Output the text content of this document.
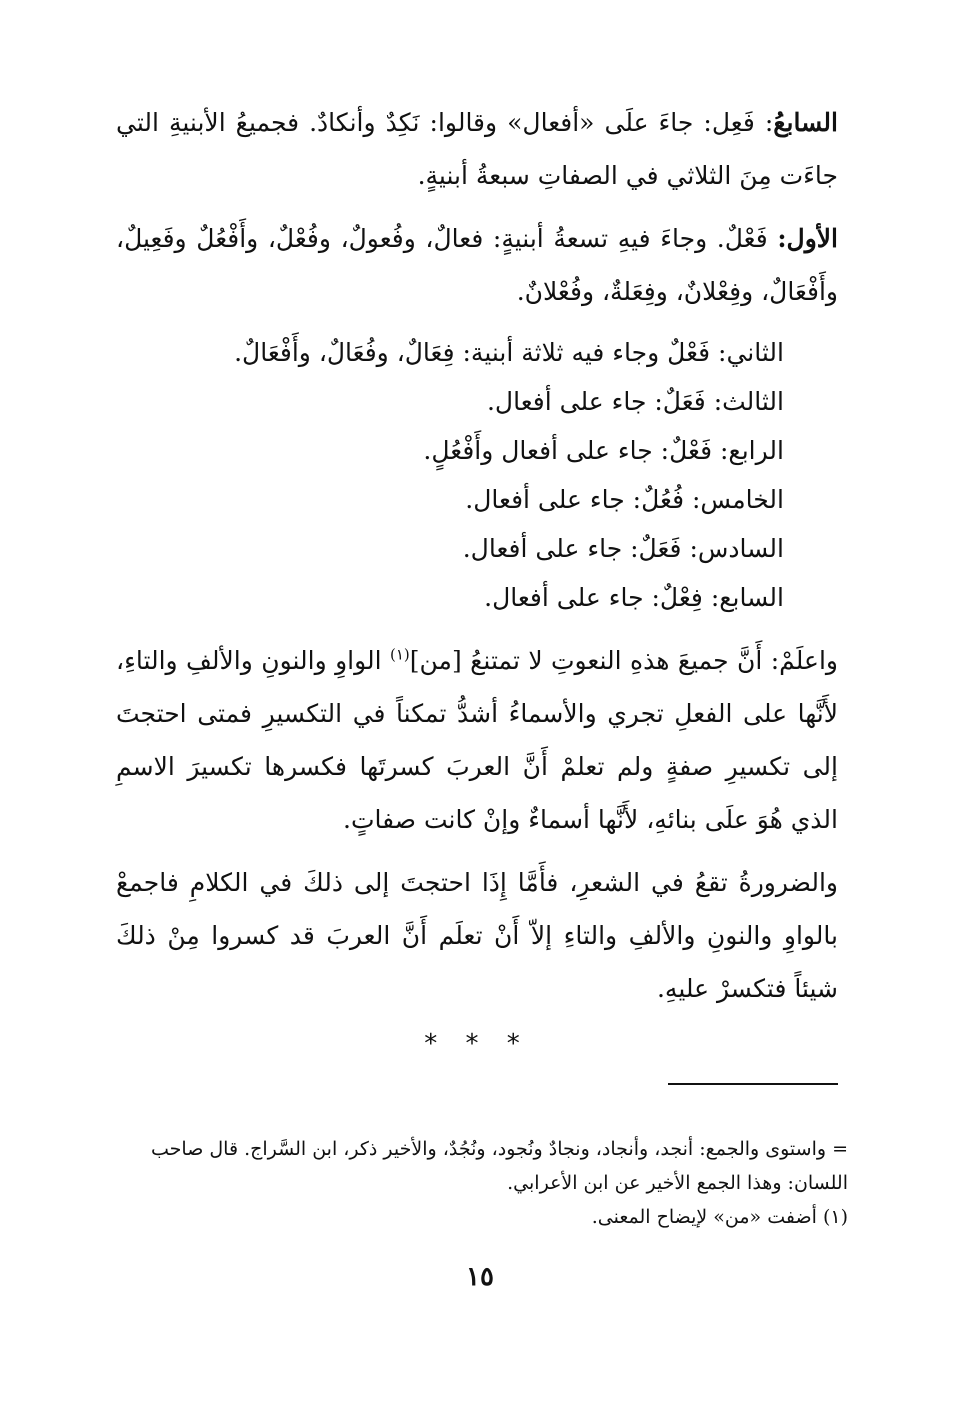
السابعُ: فَعِل: جاءَ علَى «أفعال» وقالوا: نَكِدٌ وأنكادٌ. فجميعُ الأبنيةِ التي جاءَت مِنَ الثلاثي في الصفاتِ سبعةُ أبنيةٍ.

الأول: فَعْلٌ. وجاءَ فيهِ تسعةُ أبنيةٍ: فعالٌ، وفُعولٌ، وفُعْلٌ، وأَفْعُلٌ وفَعِيلٌ، وأَفْعَالٌ، وفِعْلانٌ، وفِعَلةٌ، وفُعْلانٌ.

الثاني: فَعْلٌ وجاء فيه ثلاثة أبنية: فِعَالٌ، وفُعَالٌ، وأَفْعَالٌ.
الثالث: فَعَلٌ: جاء على أفعال.
الرابع: فَعْلٌ: جاء على أفعال وأَفْعُلٍ.
الخامس: فُعُلٌ: جاء على أفعال.
السادس: فَعَلٌ: جاء على أفعال.
السابع: فِعْلٌ: جاء على أفعال.

واعلَمْ: أَنَّ جميعَ هذهِ النعوتِ لا تمتنعُ [من]$^{(١)}$ الواوِ والنونِ والألفِ والتاءِ، لأَنَّها على الفعلِ تجري والأسماءُ أشدُّ تمكناً في التكسيرِ فمتى احتجتَ إلى تكسيرِ صفةٍ ولم تعلمْ أَنَّ العربَ كسرتَها فكسرها تكسيرَ الاسمِ الذي هُوَ علَى بنائهِ، لأَنَّها أسماءٌ وإنْ كانت صفاتٍ.

والضرورةُ تقعُ في الشعرِ، فأَمَّا إِذَا احتجتَ إلى ذلكَ في الكلامِ فاجمعْ بالواوِ والنونِ والألفِ والتاءِ إلاّ أَنْ تعلَم أَنَّ العربَ قد كسروا مِنْ ذلكَ شيئاً فتكسرْ عليهِ.

* * *

= واستوى والجمع: أنجد، وأنجاد، ونجادٌ ونُجود، ونُجُدٌ، والأخير ذكر، ابن السَّراج. قال صاحب اللسان: وهذا الجمع الأخير عن ابن الأعرابي.

(١) أضفت «من» لإيضاح المعنى.

١٥
